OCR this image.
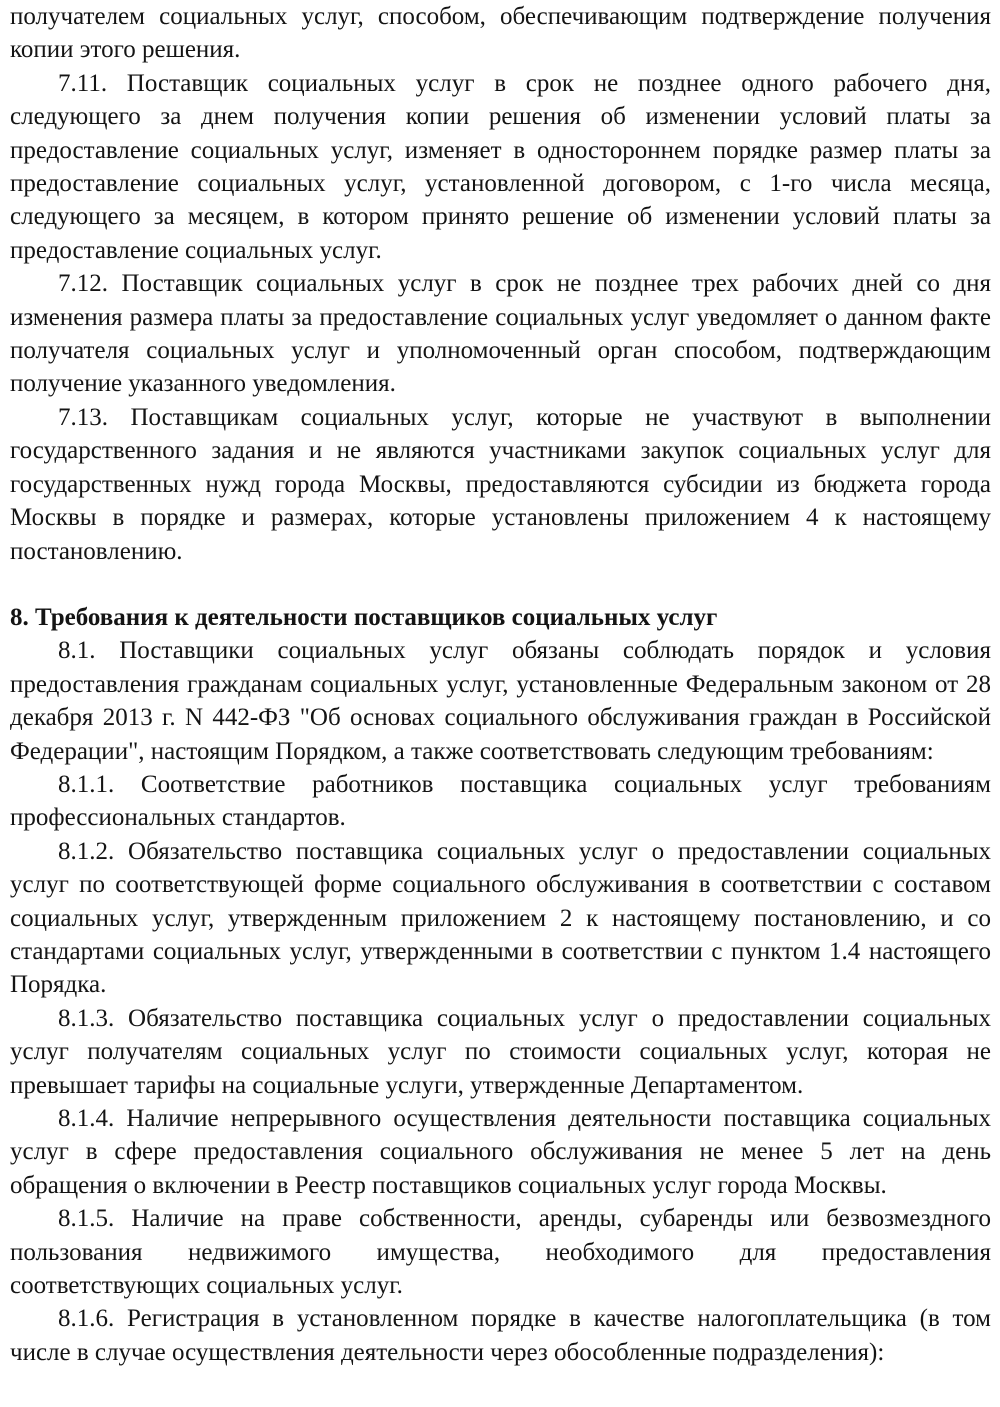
получателем социальных услуг, способом, обеспечивающим подтверждение получения копии этого решения.

7.11. Поставщик социальных услуг в срок не позднее одного рабочего дня, следующего за днем получения копии решения об изменении условий платы за предоставление социальных услуг, изменяет в одностороннем порядке размер платы за предоставление социальных услуг, установленной договором, с 1-го числа месяца, следующего за месяцем, в котором принято решение об изменении условий платы за предоставление социальных услуг.

7.12. Поставщик социальных услуг в срок не позднее трех рабочих дней со дня изменения размера платы за предоставление социальных услуг уведомляет о данном факте получателя социальных услуг и уполномоченный орган способом, подтверждающим получение указанного уведомления.

7.13. Поставщикам социальных услуг, которые не участвуют в выполнении государственного задания и не являются участниками закупок социальных услуг для государственных нужд города Москвы, предоставляются субсидии из бюджета города Москвы в порядке и размерах, которые установлены приложением 4 к настоящему постановлению.

8. Требования к деятельности поставщиков социальных услуг

8.1. Поставщики социальных услуг обязаны соблюдать порядок и условия предоставления гражданам социальных услуг, установленные Федеральным законом от 28 декабря 2013 г. N 442-ФЗ "Об основах социального обслуживания граждан в Российской Федерации", настоящим Порядком, а также соответствовать следующим требованиям:

8.1.1. Соответствие работников поставщика социальных услуг требованиям профессиональных стандартов.

8.1.2. Обязательство поставщика социальных услуг о предоставлении социальных услуг по соответствующей форме социального обслуживания в соответствии с составом социальных услуг, утвержденным приложением 2 к настоящему постановлению, и со стандартами социальных услуг, утвержденными в соответствии с пунктом 1.4 настоящего Порядка.

8.1.3. Обязательство поставщика социальных услуг о предоставлении социальных услуг получателям социальных услуг по стоимости социальных услуг, которая не превышает тарифы на социальные услуги, утвержденные Департаментом.

8.1.4. Наличие непрерывного осуществления деятельности поставщика социальных услуг в сфере предоставления социального обслуживания не менее 5 лет на день обращения о включении в Реестр поставщиков социальных услуг города Москвы.

8.1.5. Наличие на праве собственности, аренды, субаренды или безвозмездного пользования недвижимого имущества, необходимого для предоставления соответствующих социальных услуг.

8.1.6. Регистрация в установленном порядке в качестве налогоплательщика (в том числе в случае осуществления деятельности через обособленные подразделения):
